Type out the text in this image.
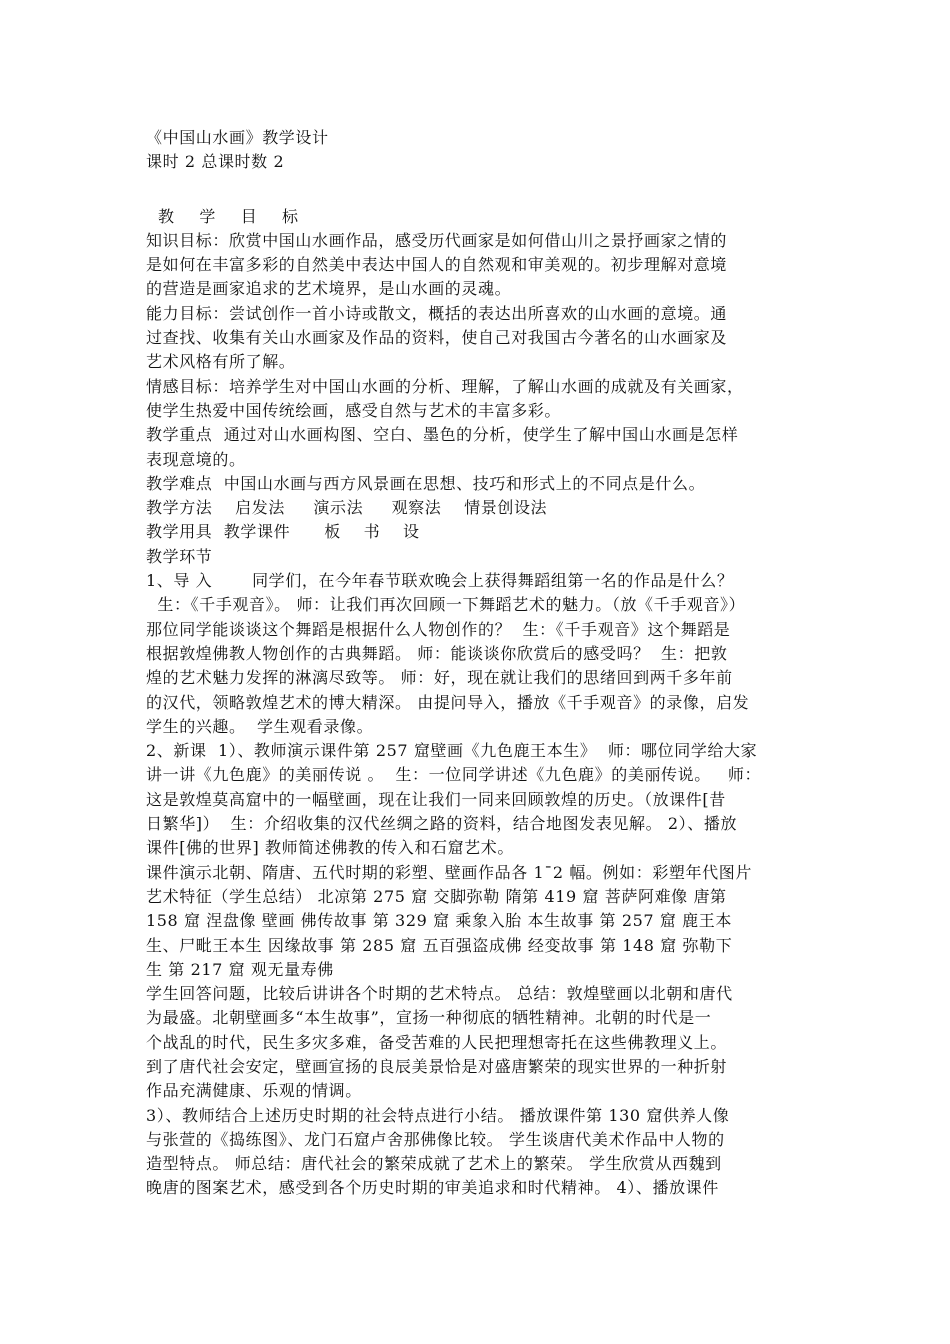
《中国山水画》教学设计
课时 2 总课时数 2
教    学    目    标
知识目标：欣赏中国山水画作品，感受历代画家是如何借山川之景抒画家之情的
是如何在丰富多彩的自然美中表达中国人的自然观和审美观的。初步理解对意境
的营造是画家追求的艺术境界，是山水画的灵魂。
能力目标：尝试创作一首小诗或散文，概括的表达出所喜欢的山水画的意境。通
过查找、收集有关山水画家及作品的资料，使自己对我国古今著名的山水画家及
艺术风格有所了解。
情感目标：培养学生对中国山水画的分析、理解，了解山水画的成就及有关画家，
使学生热爱中国传统绘画，感受自然与艺术的丰富多彩。
教学重点  通过对山水画构图、空白、墨色的分析，使学生了解中国山水画是怎样
表现意境的。
教学难点  中国山水画与西方风景画在思想、技巧和形式上的不同点是什么。
教学方法    启发法     演示法     观察法    情景创设法
教学用具  教学课件      板    书    设
教学环节
1、导 入       同学们，在今年春节联欢晚会上获得舞蹈组第一名的作品是什么？
生：《千手观音》。 师：让我们再次回顾一下舞蹈艺术的魅力。（放《千手观音》）
那位同学能谈谈这个舞蹈是根据什么人物创作的？  生：《千手观音》这个舞蹈是
根据敦煌佛教人物创作的古典舞蹈。 师：能谈谈你欣赏后的感受吗？  生：把敦
煌的艺术魅力发挥的淋漓尽致等。 师：好，现在就让我们的思绪回到两千多年前
的汉代，领略敦煌艺术的博大精深。 由提问导入，播放《千手观音》的录像，启发
学生的兴趣。  学生观看录像。
2、新课  1）、教师演示课件第 257 窟壁画《九色鹿王本生》  师：哪位同学给大家
讲一讲《九色鹿》的美丽传说 。  生：一位同学讲述《九色鹿》的美丽传说。   师：
这是敦煌莫高窟中的一幅壁画，现在让我们一同来回顾敦煌的历史。（放课件[昔
日繁华]）  生：介绍收集的汉代丝绸之路的资料，结合地图发表见解。 2）、播放
课件[佛的世界] 教师简述佛教的传入和石窟艺术。
课件演示北朝、隋唐、五代时期的彩塑、壁画作品各 1¯2 幅。例如：彩塑年代图片
艺术特征（学生总结） 北凉第 275 窟 交脚弥勒 隋第 419 窟 菩萨阿难像 唐第
158 窟 涅盘像 壁画 佛传故事 第 329 窟 乘象入胎 本生故事 第 257 窟 鹿王本
生、尸毗王本生 因缘故事 第 285 窟 五百强盗成佛 经变故事 第 148 窟 弥勒下
生 第 217 窟 观无量寿佛
学生回答问题，比较后讲讲各个时期的艺术特点。 总结：敦煌壁画以北朝和唐代
为最盛。北朝壁画多“本生故事”，宣扬一种彻底的牺牲精神。北朝的时代是一
个战乱的时代，民生多灾多难，备受苦难的人民把理想寄托在这些佛教理义上。
到了唐代社会安定，壁画宣扬的良辰美景恰是对盛唐繁荣的现实世界的一种折射
作品充满健康、乐观的情调。
3）、教师结合上述历史时期的社会特点进行小结。 播放课件第 130 窟供养人像
与张萱的《捣练图》、龙门石窟卢舍那佛像比较。 学生谈唐代美术作品中人物的
造型特点。 师总结：唐代社会的繁荣成就了艺术上的繁荣。 学生欣赏从西魏到
晚唐的图案艺术，感受到各个历史时期的审美追求和时代精神。 4）、播放课件
